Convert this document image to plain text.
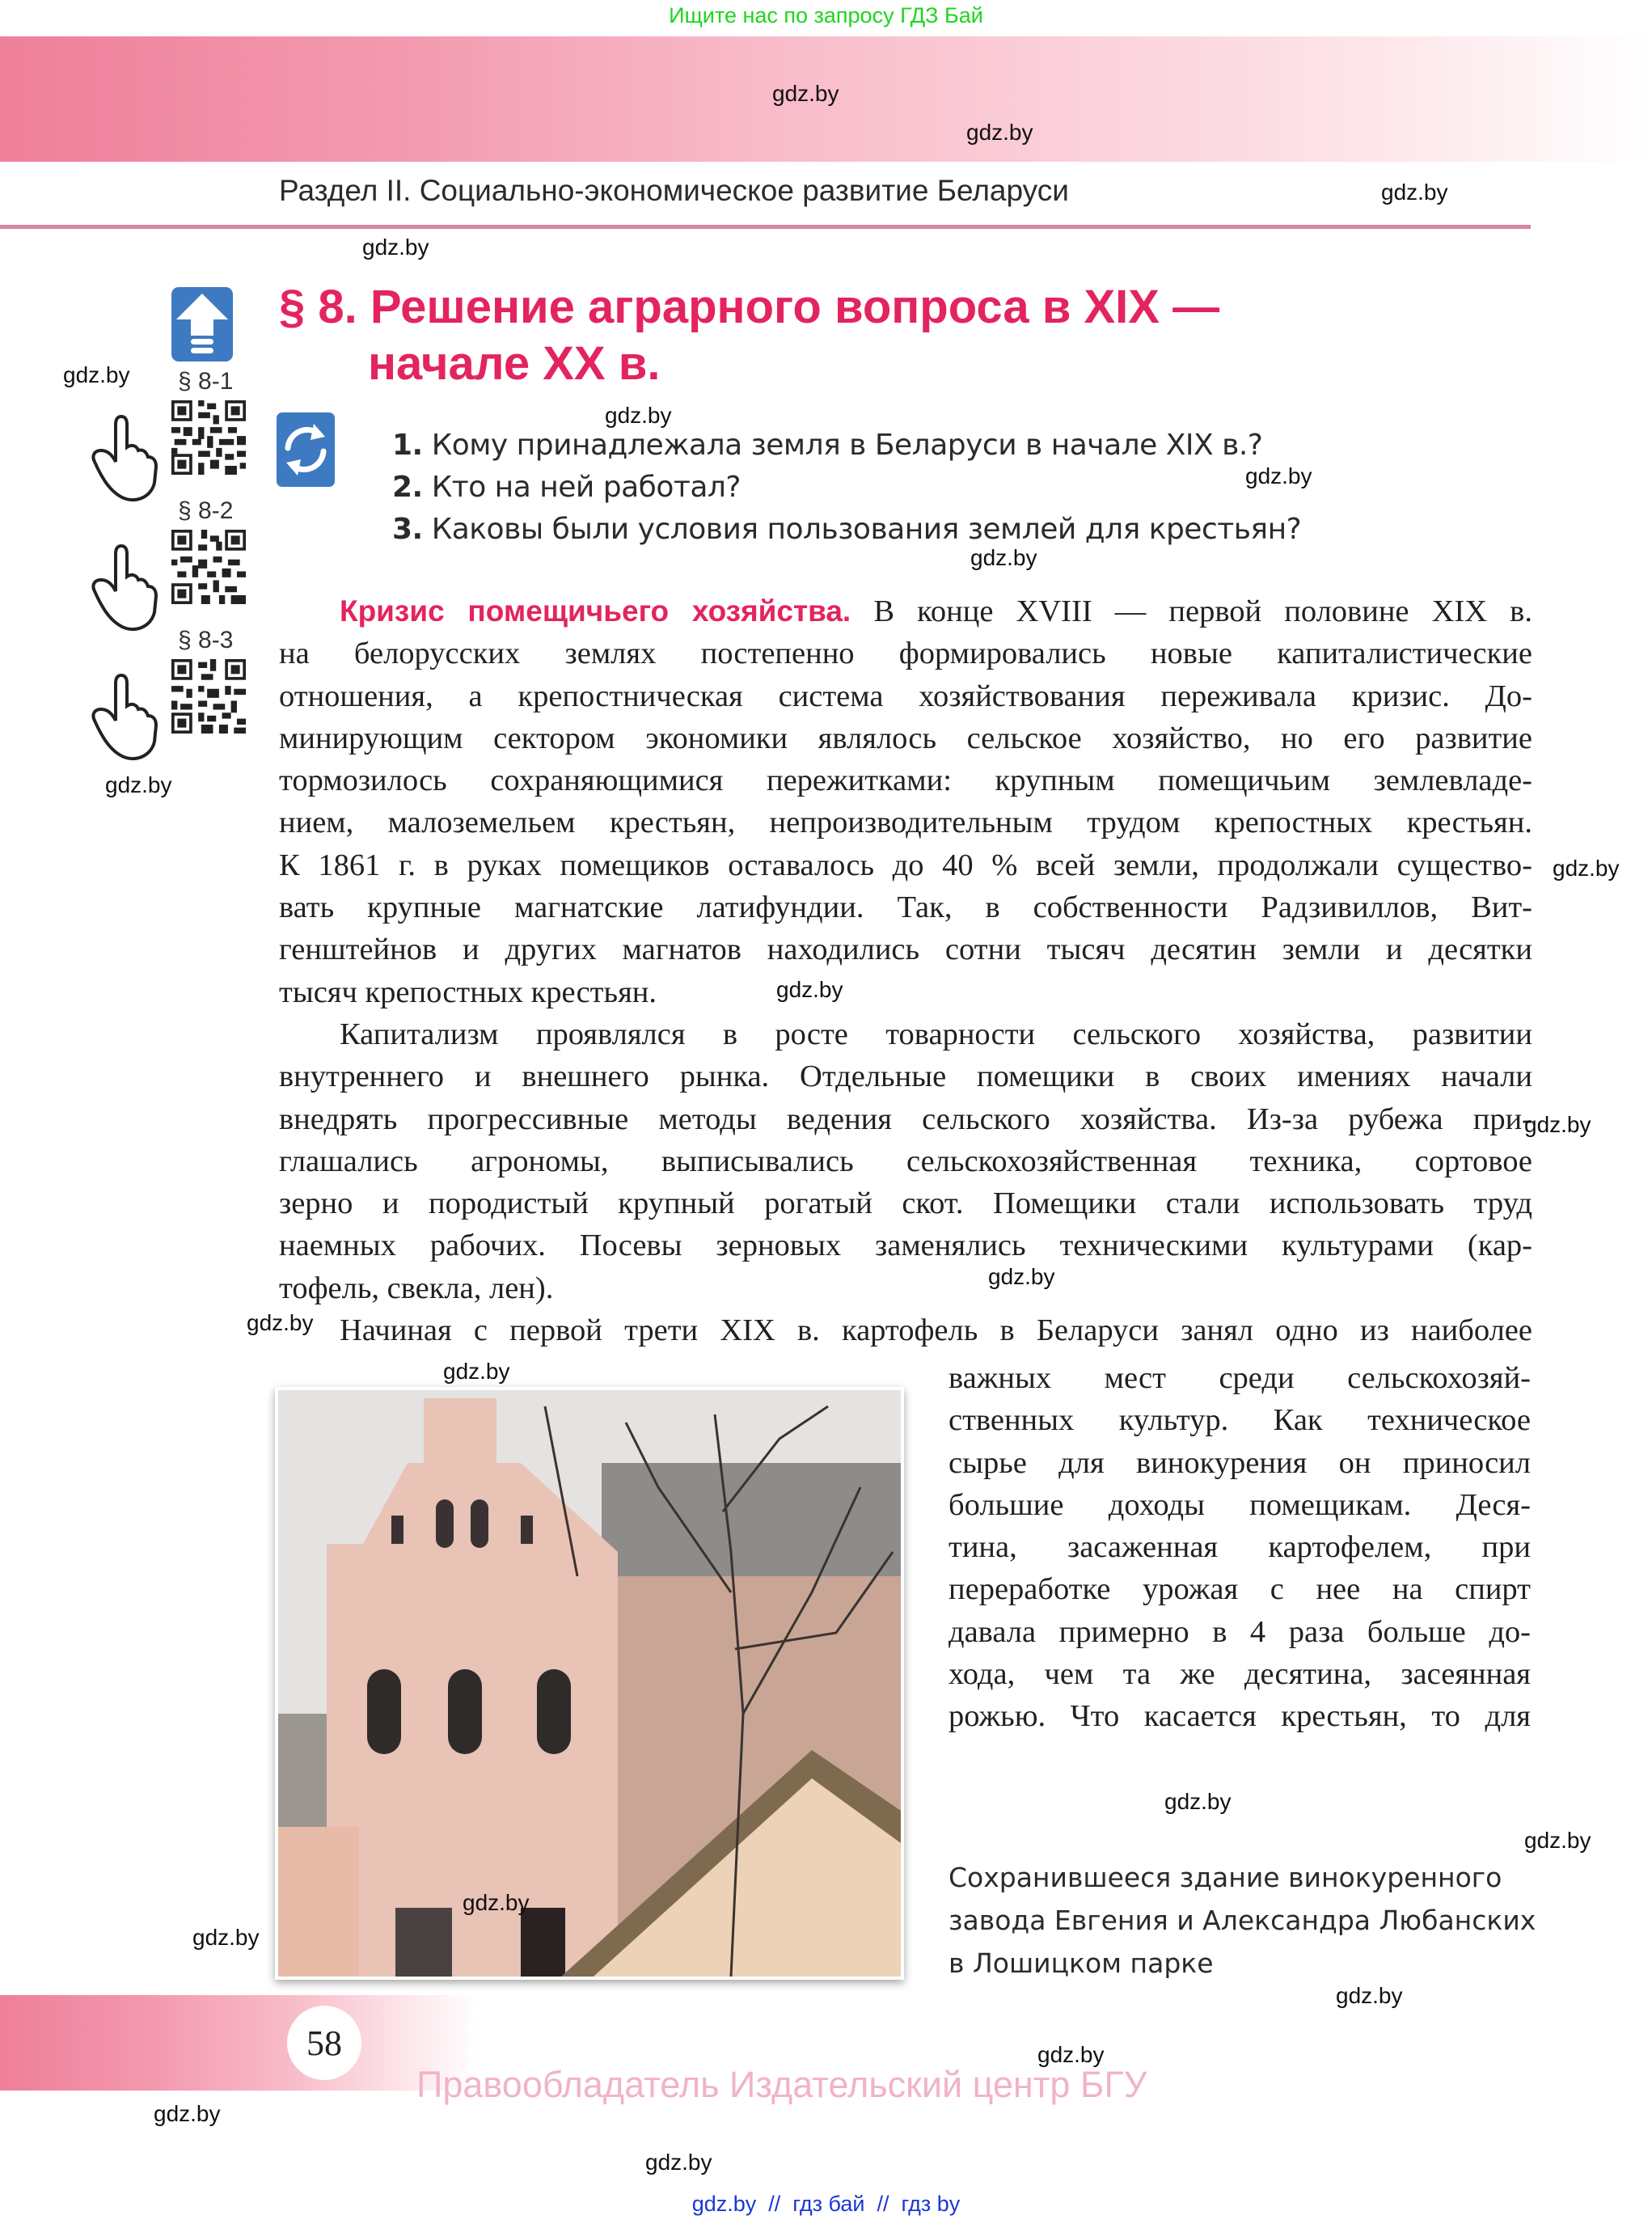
Ищите нас по запросу ГДЗ Бай
Раздел II. Социально-экономическое развитие Беларуси
§ 8. Решение аграрного вопроса в XIX —
начале XX в.
§ 8-1
§ 8-2
§ 8-3
1. Кому принадлежала земля в Беларуси в начале XIX в.?
2. Кто на ней работал?
3. Каковы были условия пользования землей для крестьян?
Кризис помещичьего хозяйства. В конце XVIII — первой половине XIX в.
на белорусских землях постепенно формировались новые капиталистические
отношения, а крепостническая система хозяйствования переживала кризис. До-
минирующим сектором экономики являлось сельское хозяйство, но его развитие
тормозилось сохраняющимися пережитками: крупным помещичьим землевладе-
нием, малоземельем крестьян, непроизводительным трудом крепостных крестьян.
К 1861 г. в руках помещиков оставалось до 40 % всей земли, продолжали существо-
вать крупные магнатские латифундии. Так, в собственности Радзивиллов, Вит-
генштейнов и других магнатов находились сотни тысяч десятин земли и десятки
тысяч крепостных крестьян.
Капитализм проявлялся в росте товарности сельского хозяйства, развитии
внутреннего и внешнего рынка. Отдельные помещики в своих имениях начали
внедрять прогрессивные методы ведения сельского хозяйства. Из-за рубежа при-
глашались агрономы, выписывались сельскохозяйственная техника, сортовое
зерно и породистый крупный рогатый скот. Помещики стали использовать труд
наемных рабочих. Посевы зерновых заменялись техническими культурами (кар-
тофель, свекла, лен).
Начиная с первой трети XIX в. картофель в Беларуси занял одно из наиболее
важных мест среди сельскохозяй-
ственных культур. Как техническое
сырье для винокурения он приносил
большие доходы помещикам. Деся-
тина, засаженная картофелем, при
переработке урожая с нее на спирт
давала примерно в 4 раза больше до-
хода, чем та же десятина, засеянная
рожью. Что касается крестьян, то для
Сохранившееся здание винокуренного
завода Евгения и Александра Любанских
в Лошицком парке
58
Правообладатель Издательский центр БГУ
gdz.by  //  гдз бай  //  гдз by
gdz.by
gdz.by
gdz.by
gdz.by
gdz.by
gdz.by
gdz.by
gdz.by
gdz.by
gdz.by
gdz.by
gdz.by
gdz.by
gdz.by
gdz.by
gdz.by
gdz.by
gdz.by
gdz.by
gdz.by
gdz.by
gdz.by
gdz.by
